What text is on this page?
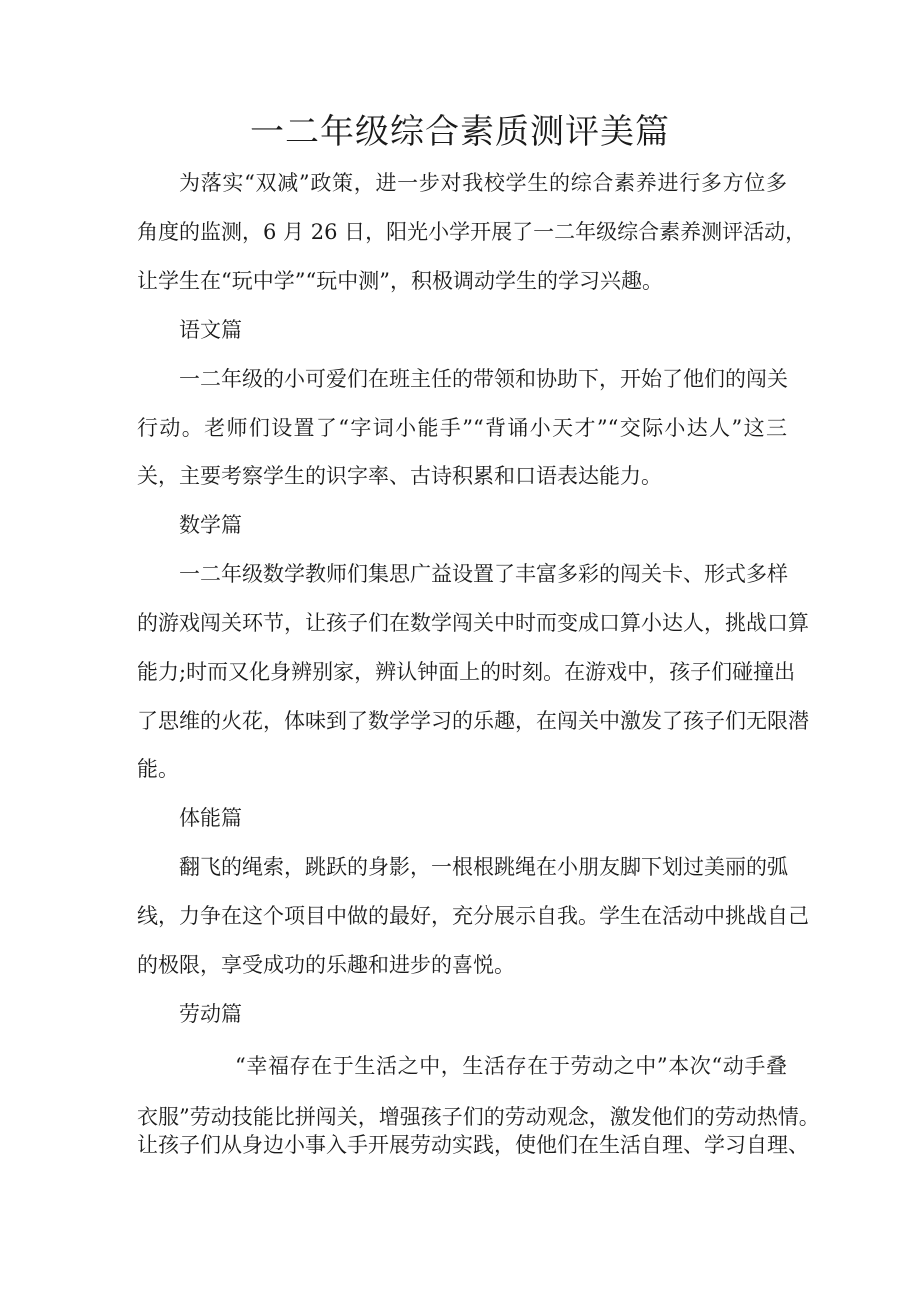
一二年级综合素质测评美篇
为落实“双减”政策，进一步对我校学生的综合素养进行多方位多
角度的监测，6 月 26 日，阳光小学开展了一二年级综合素养测评活动，
让学生在“玩中学”“玩中测”，积极调动学生的学习兴趣。
语文篇
一二年级的小可爱们在班主任的带领和协助下，开始了他们的闯关
行动。老师们设置了“字词小能手”“背诵小天才”“交际小达人”这三
关，主要考察学生的识字率、古诗积累和口语表达能力。
数学篇
一二年级数学教师们集思广益设置了丰富多彩的闯关卡、形式多样
的游戏闯关环节，让孩子们在数学闯关中时而变成口算小达人，挑战口算
能力;时而又化身辨别家，辨认钟面上的时刻。在游戏中，孩子们碰撞出
了思维的火花，体味到了数学学习的乐趣，在闯关中激发了孩子们无限潜
能。
体能篇
翻飞的绳索，跳跃的身影，一根根跳绳在小朋友脚下划过美丽的弧
线，力争在这个项目中做的最好，充分展示自我。学生在活动中挑战自己
的极限，享受成功的乐趣和进步的喜悦。
劳动篇
“幸福存在于生活之中，生活存在于劳动之中”本次“动手叠
衣服”劳动技能比拼闯关，增强孩子们的劳动观念，激发他们的劳动热情。
让孩子们从身边小事入手开展劳动实践，使他们在生活自理、学习自理、
